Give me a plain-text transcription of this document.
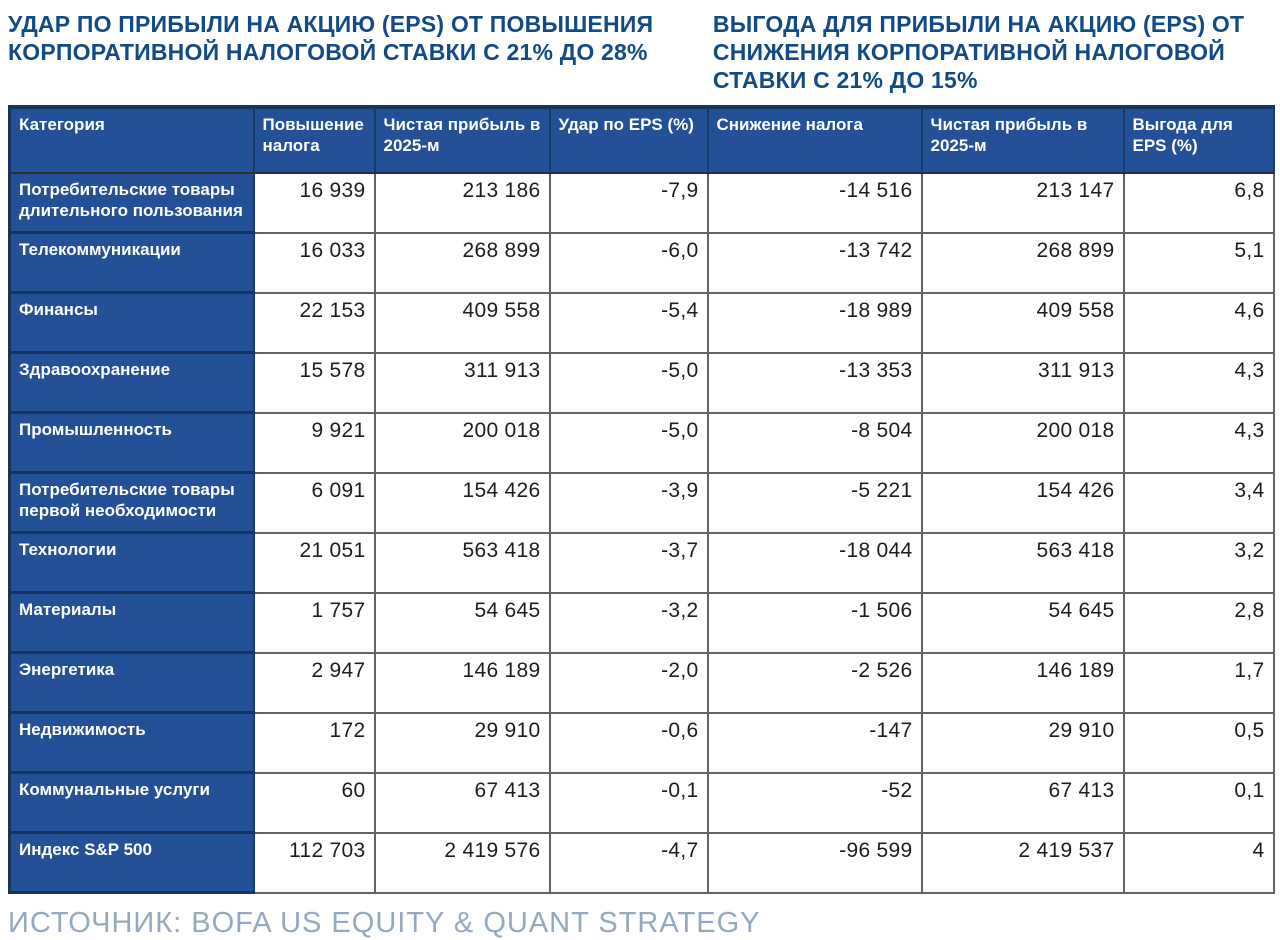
УДАР ПО ПРИБЫЛИ НА АКЦИЮ (EPS) ОТ ПОВЫШЕНИЯ КОРПОРАТИВНОЙ НАЛОГОВОЙ СТАВКИ С 21% ДО 28%
ВЫГОДА ДЛЯ ПРИБЫЛИ НА АКЦИЮ (EPS) ОТ СНИЖЕНИЯ КОРПОРАТИВНОЙ НАЛОГОВОЙ СТАВКИ С 21% ДО 15%
Категория	Повышение налога	Чистая прибыль в 2025-м	Удар по EPS (%)	Снижение налога	Чистая прибыль в 2025-м	Выгода для EPS (%)
Потребительские товары длительного пользования	16 939	213 186	-7,9	-14 516	213 147	6,8
Телекоммуникации	16 033	268 899	-6,0	-13 742	268 899	5,1
Финансы	22 153	409 558	-5,4	-18 989	409 558	4,6
Здравоохранение	15 578	311 913	-5,0	-13 353	311 913	4,3
Промышленность	9 921	200 018	-5,0	-8 504	200 018	4,3
Потребительские товары первой необходимости	6 091	154 426	-3,9	-5 221	154 426	3,4
Технологии	21 051	563 418	-3,7	-18 044	563 418	3,2
Материалы	1 757	54 645	-3,2	-1 506	54 645	2,8
Энергетика	2 947	146 189	-2,0	-2 526	146 189	1,7
Недвижимость	172	29 910	-0,6	-147	29 910	0,5
Коммунальные услуги	60	67 413	-0,1	-52	67 413	0,1
Индекс S&P 500	112 703	2 419 576	-4,7	-96 599	2 419 537	4
ИСТОЧНИК: BOFA US EQUITY & QUANT STRATEGY
